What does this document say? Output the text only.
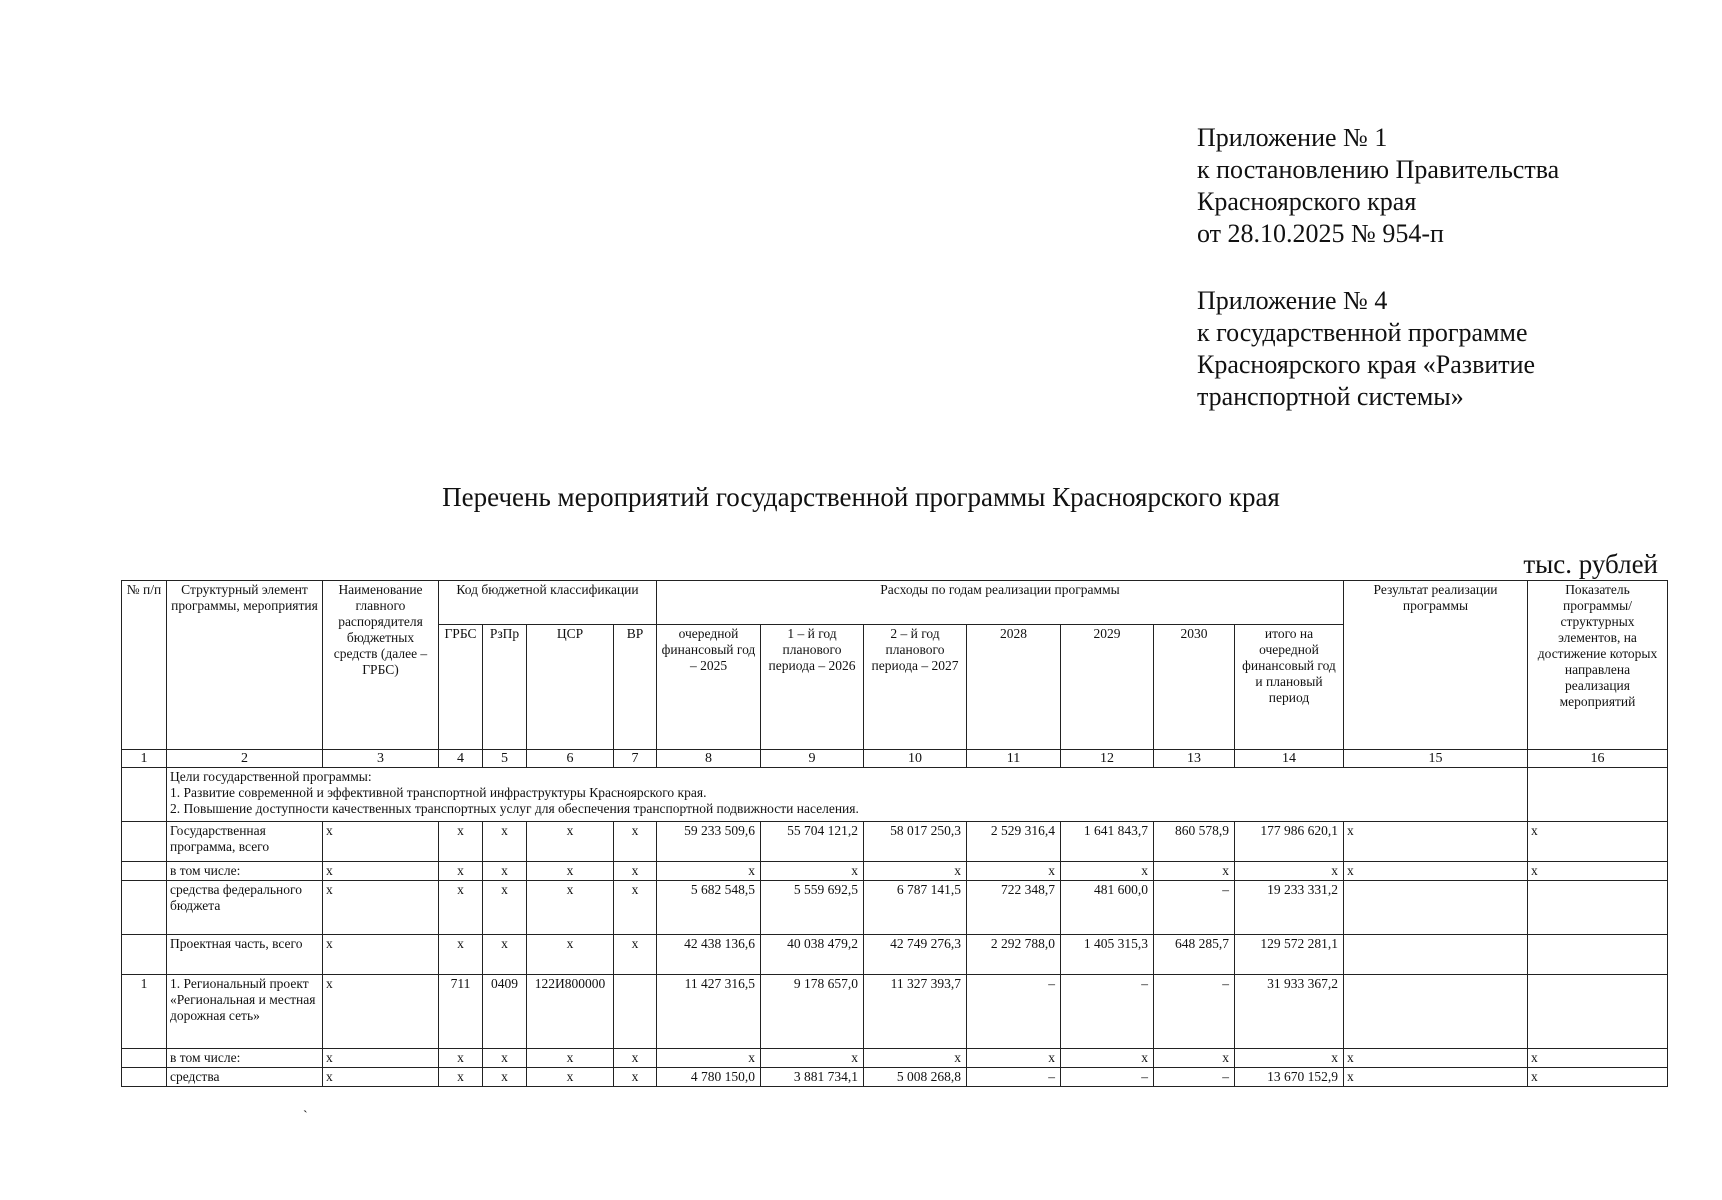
Приложение № 1
к постановлению Правительства
Красноярского края
от 28.10.2025 № 954-п
Приложение № 4
к государственной программе
Красноярского края «Развитие
транспортной системы»
Перечень мероприятий государственной программы Красноярского края
тыс. рублей
№ п/п	Структурный элемент программы, мероприятия	Наименование главного распорядителя бюджетных средств (далее – ГРБС)	Код бюджетной классификации				Расходы по годам реализации программы							Результат реализации программы	Показатель программы/ структурных элементов, на достижение которых направлена реализация мероприятий
			ГРБС	РзПр	ЦСР	ВР	очередной финансовый год – 2025	1 – й год планового периода – 2026	2 – й год планового периода – 2027	2028	2029	2030	итого на очередной финансовый год и плановый период		
1	2	3	4	5	6	7	8	9	10	11	12	13	14	15	16

	Цели государственной программы:
1. Развитие современной и эффективной транспортной инфраструктуры Красноярского края.
2. Повышение доступности качественных транспортных услуг для обеспечения транспортной подвижности населения.														

	Государственная программа, всего	x	x	x	x	x	59 233 509,6	55 704 121,2	58 017 250,3	2 529 316,4	1 641 843,7	860 578,9	177 986 620,1	x	x
	в том числе:	x	x	x	x	x	x	x	x	x	x	x	x	x	x
	средства федерального бюджета	x	x	x	x	x	5 682 548,5	5 559 692,5	6 787 141,5	722 348,7	481 600,0	–	19 233 331,2		
	Проектная часть, всего	x	x	x	x	x	42 438 136,6	40 038 479,2	42 749 276,3	2 292 788,0	1 405 315,3	648 285,7	129 572 281,1		
1	1. Региональный проект «Региональная и местная дорожная сеть»	x	711	0409	122И800000		11 427 316,5	9 178 657,0	11 327 393,7	–	–	–	31 933 367,2		
	в том числе:	x	x	x	x	x	x	x	x	x	x	x	x	x	x
	средства	x	x	x	x	x	4 780 150,0	3 881 734,1	5 008 268,8	–	–	–	13 670 152,9	x	x
`
